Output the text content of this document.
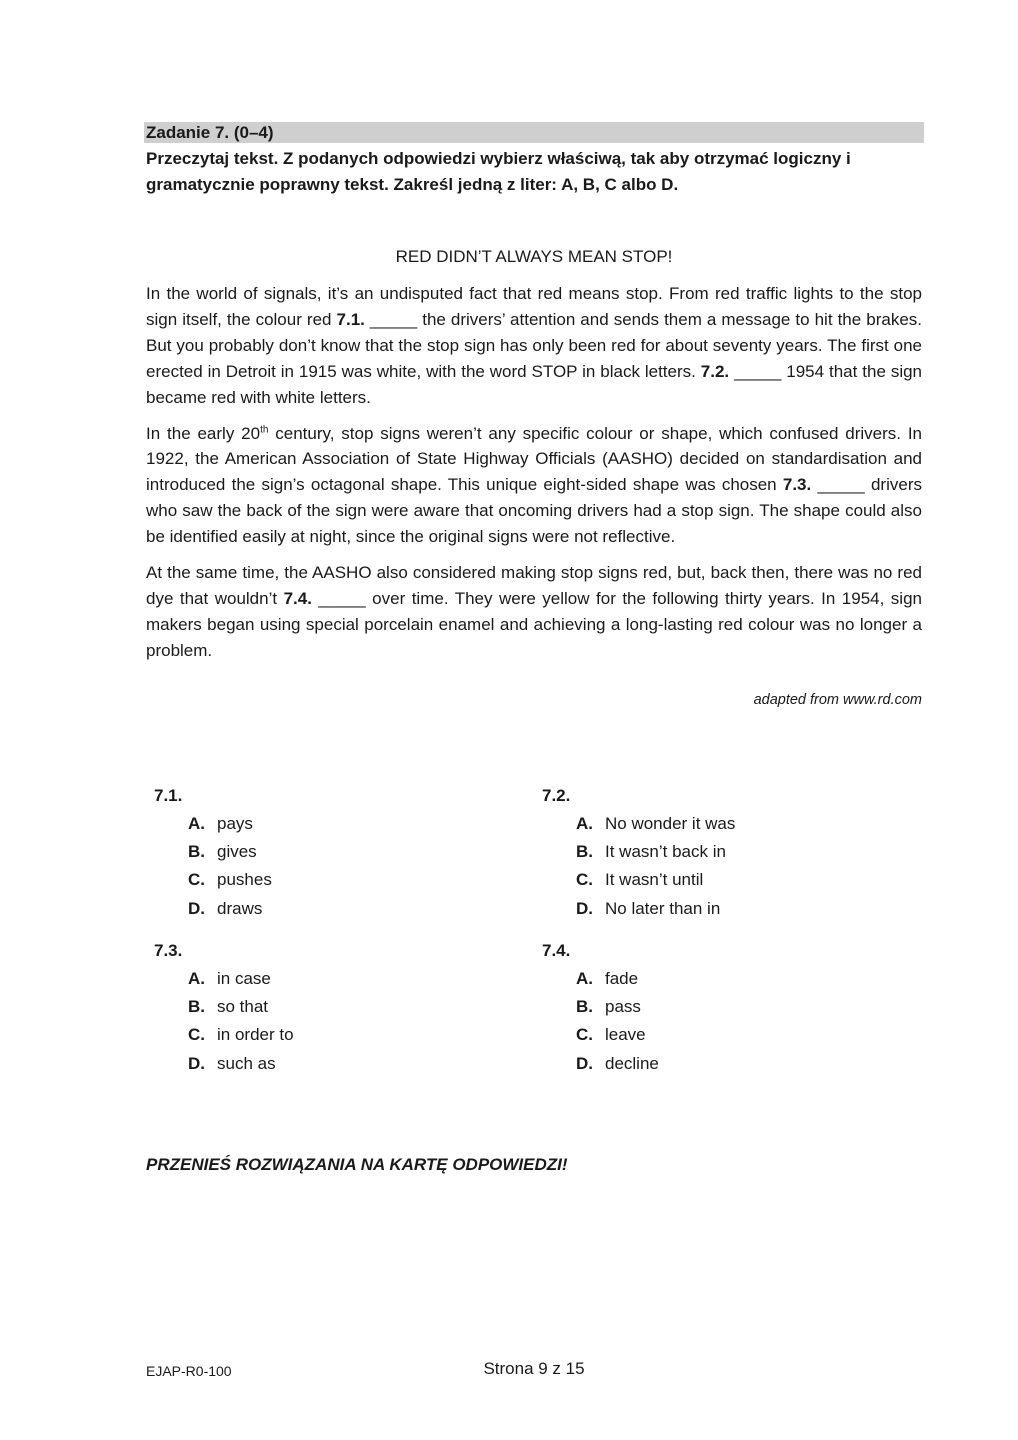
Zadanie 7. (0–4)
Przeczytaj tekst. Z podanych odpowiedzi wybierz właściwą, tak aby otrzymać logiczny i gramatycznie poprawny tekst. Zakreśl jedną z liter: A, B, C albo D.
RED DIDN’T ALWAYS MEAN STOP!

In the world of signals, it’s an undisputed fact that red means stop. From red traffic lights to the stop sign itself, the colour red 7.1. _____ the drivers’ attention and sends them a message to hit the brakes. But you probably don’t know that the stop sign has only been red for about seventy years. The first one erected in Detroit in 1915 was white, with the word STOP in black letters. 7.2. _____ 1954 that the sign became red with white letters.

In the early 20th century, stop signs weren’t any specific colour or shape, which confused drivers. In 1922, the American Association of State Highway Officials (AASHO) decided on standardisation and introduced the sign’s octagonal shape. This unique eight-sided shape was chosen 7.3. _____ drivers who saw the back of the sign were aware that oncoming drivers had a stop sign. The shape could also be identified easily at night, since the original signs were not reflective.

At the same time, the AASHO also considered making stop signs red, but, back then, there was no red dye that wouldn’t 7.4. _____ over time. They were yellow for the following thirty years. In 1954, sign makers began using special porcelain enamel and achieving a long-lasting red colour was no longer a problem.

adapted from www.rd.com
7.1.
A. pays
B. gives
C. pushes
D. draws
7.2.
A. No wonder it was
B. It wasn’t back in
C. It wasn’t until
D. No later than in
7.3.
A. in case
B. so that
C. in order to
D. such as
7.4.
A. fade
B. pass
C. leave
D. decline
PRZENIEŚ ROZWIĄZANIA NA KARTĘ ODPOWIEDZI!
EJAP-R0-100	Strona 9 z 15
